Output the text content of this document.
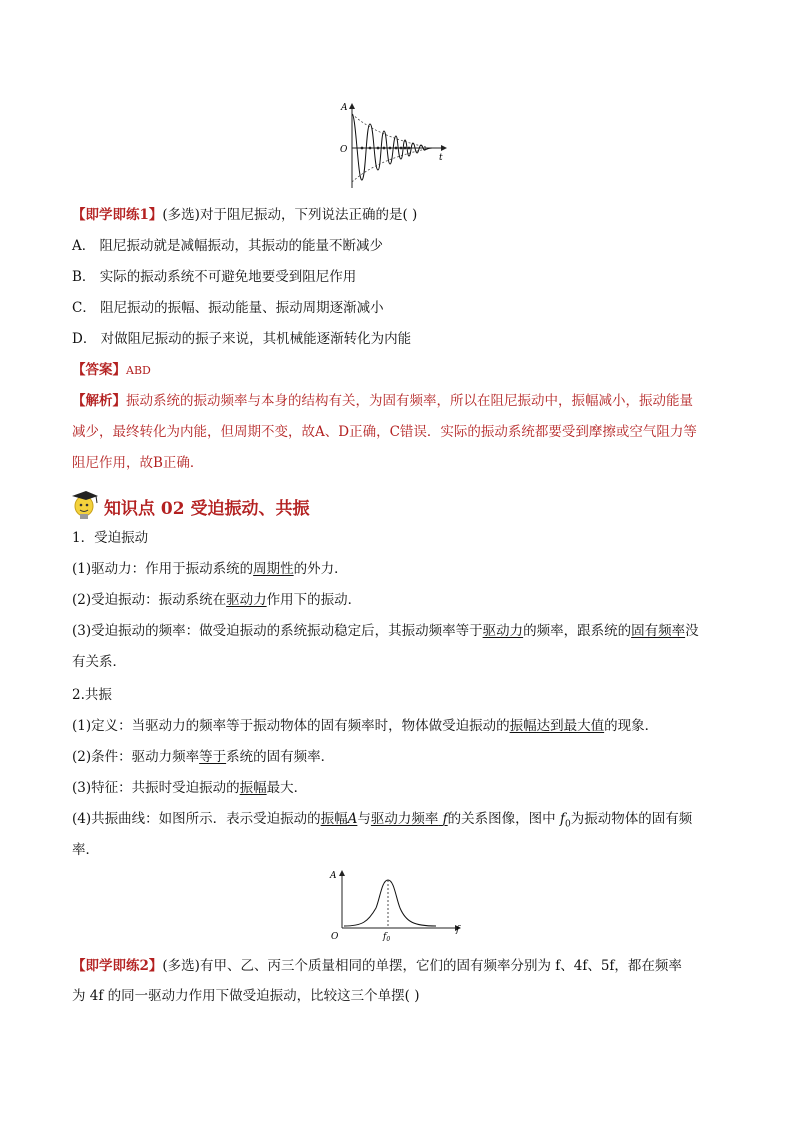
A
O
t
【即学即练1】(多选)对于阻尼振动，下列说法正确的是( )
A． 阻尼振动就是减幅振动，其振动的能量不断减少
B． 实际的振动系统不可避免地要受到阻尼作用
C． 阻尼振动的振幅、振动能量、振动周期逐渐减小
D． 对做阻尼振动的振子来说，其机械能逐渐转化为内能
【答案】ABD
【解析】振动系统的振动频率与本身的结构有关，为固有频率，所以在阻尼振动中，振幅减小，振动能量
减少，最终转化为内能，但周期不变，故A、D正确，C错误．实际的振动系统都要受到摩擦或空气阻力等
阻尼作用，故B正确．
知识点 02 受迫振动、共振
1．受迫振动
(1)驱动力：作用于振动系统的周期性的外力．
(2)受迫振动：振动系统在驱动力作用下的振动．
(3)受迫振动的频率：做受迫振动的系统振动稳定后，其振动频率等于驱动力的频率，跟系统的固有频率没
有关系．
2.共振
(1)定义：当驱动力的频率等于振动物体的固有频率时，物体做受迫振动的振幅达到最大值的现象．
(2)条件：驱动力频率等于系统的固有频率．
(3)特征：共振时受迫振动的振幅最大．
(4)共振曲线：如图所示．表示受迫振动的振幅A与驱动力频率 f的关系图像，图中 $f_0$为振动物体的固有频
率．
A
O
f
$f_0$
【即学即练2】(多选)有甲、乙、丙三个质量相同的单摆，它们的固有频率分别为 f、4f、5f，都在频率
为 4f 的同一驱动力作用下做受迫振动，比较这三个单摆( )
